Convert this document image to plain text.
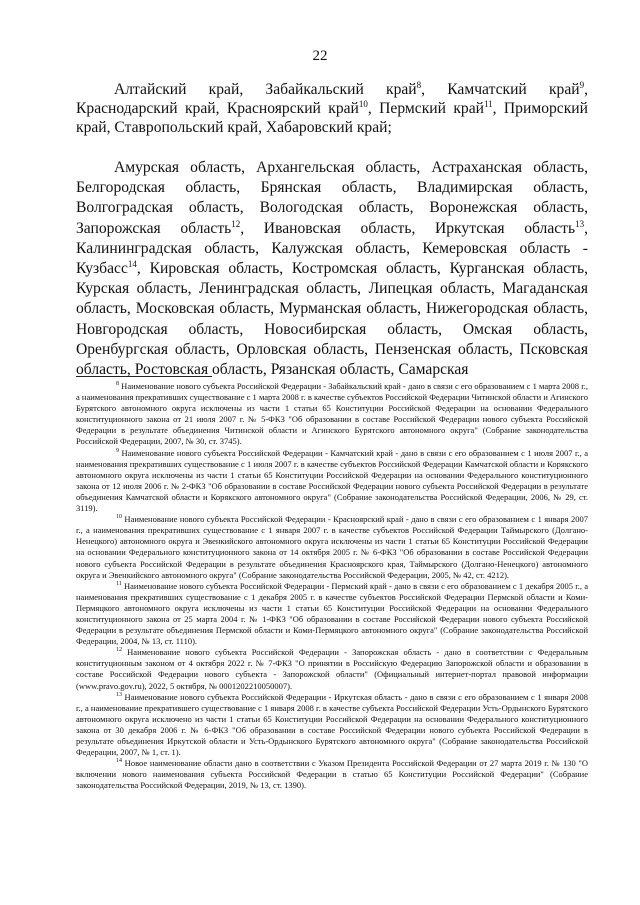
22

Алтайский край, Забайкальский край$^8$, Камчатский край$^9$, Краснодарский край, Красноярский край$^{10}$, Пермский край$^{11}$, Приморский край, Ставропольский край, Хабаровский край;

Амурская область, Архангельская область, Астраханская область, Белгородская область, Брянская область, Владимирская область, Волгоградская область, Вологодская область, Воронежская область, Запорожская область$^{12}$, Ивановская область, Иркутская область$^{13}$, Калининградская область, Калужская область, Кемеровская область - Кузбасс$^{14}$, Кировская область, Костромская область, Курганская область, Курская область, Ленинградская область, Липецкая область, Магаданская область, Московская область, Мурманская область, Нижегородская область, Новгородская область, Новосибирская область, Омская область, Оренбургская область, Орловская область, Пензенская область, Псковская область, Ростовская область, Рязанская область, Самарская

$^8$ Наименование нового субъекта Российской Федерации - Забайкальский край - дано в связи с его образованием с 1 марта 2008 г., а наименования прекративших существование с 1 марта 2008 г. в качестве субъектов Российской Федерации Читинской области и Агинского Бурятского автономного округа исключены из части 1 статьи 65 Конституции Российской Федерации на основании Федерального конституционного закона от 21 июля 2007 г. № 5-ФКЗ "Об образовании в составе Российской Федерации нового субъекта Российской Федерации в результате объединения Читинской области и Агинского Бурятского автономного округа" (Собрание законодательства Российской Федерации, 2007, № 30, ст. 3745).

$^9$ Наименование нового субъекта Российской Федерации - Камчатский край - дано в связи с его образованием с 1 июля 2007 г., а наименования прекративших существование с 1 июля 2007 г. в качестве субъектов Российской Федерации Камчатской области и Корякского автономного округа исключены из части 1 статьи 65 Конституции Российской Федерации на основании Федерального конституционного закона от 12 июля 2006 г. № 2-ФКЗ "Об образовании в составе Российской Федерации нового субъекта Российской Федерации в результате объединения Камчатской области и Корякского автономного округа" (Собрание законодательства Российской Федерации, 2006, № 29, ст. 3119).

$^{10}$ Наименование нового субъекта Российской Федерации - Красноярский край - дано в связи с его образованием с 1 января 2007 г., а наименования прекративших существование с 1 января 2007 г. в качестве субъектов Российской Федерации Таймырского (Долгано-Ненецкого) автономного округа и Эвенкийского автономного округа исключены из части 1 статьи 65 Конституции Российской Федерации на основании Федерального конституционного закона от 14 октября 2005 г. № 6-ФКЗ "Об образовании в составе Российской Федерации нового субъекта Российской Федерации в результате объединения Красноярского края, Таймырского (Долгано-Ненецкого) автономного округа и Эвенкийского автономного округа" (Собрание законодательства Российской Федерации, 2005, № 42, ст. 4212).

$^{11}$ Наименование нового субъекта Российской Федерации - Пермский край - дано в связи с его образованием с 1 декабря 2005 г., а наименования прекративших существование с 1 декабря 2005 г. в качестве субъектов Российской Федерации Пермской области и Коми-Пермяцкого автономного округа исключены из части 1 статьи 65 Конституции Российской Федерации на основании Федерального конституционного закона от 25 марта 2004 г. № 1-ФКЗ "Об образовании в составе Российской Федерации нового субъекта Российской Федерации в результате объединения Пермской области и Коми-Пермяцкого автономного округа" (Собрание законодательства Российской Федерации, 2004, № 13, ст. 1110).

$^{12}$ Наименование нового субъекта Российской Федерации - Запорожская область - дано в соответствии с Федеральным конституционным законом от 4 октября 2022 г. № 7-ФКЗ "О принятии в Российскую Федерацию Запорожской области и образовании в составе Российской Федерации нового субъекта - Запорожской области" (Официальный интернет-портал правовой информации (www.pravo.gov.ru), 2022, 5 октября, № 0001202210050007).

$^{13}$ Наименование нового субъекта Российской Федерации - Иркутская область - дано в связи с его образованием с 1 января 2008 г., а наименование прекратившего существование с 1 января 2008 г. в качестве субъекта Российской Федерации Усть-Ордынского Бурятского автономного округа исключено из части 1 статьи 65 Конституции Российской Федерации на основании Федерального конституционного закона от 30 декабря 2006 г. № 6-ФКЗ "Об образовании в составе Российской Федерации нового субъекта Российской Федерации в результате объединения Иркутской области и Усть-Ордынского Бурятского автономного округа" (Собрание законодательства Российской Федерации, 2007, № 1, ст. 1).

$^{14}$ Новое наименование области дано в соответствии с Указом Президента Российской Федерации от 27 марта 2019 г. № 130 "О включении нового наименования субъекта Российской Федерации в статью 65 Конституции Российской Федерации" (Собрание законодательства Российской Федерации, 2019, № 13, ст. 1390).
